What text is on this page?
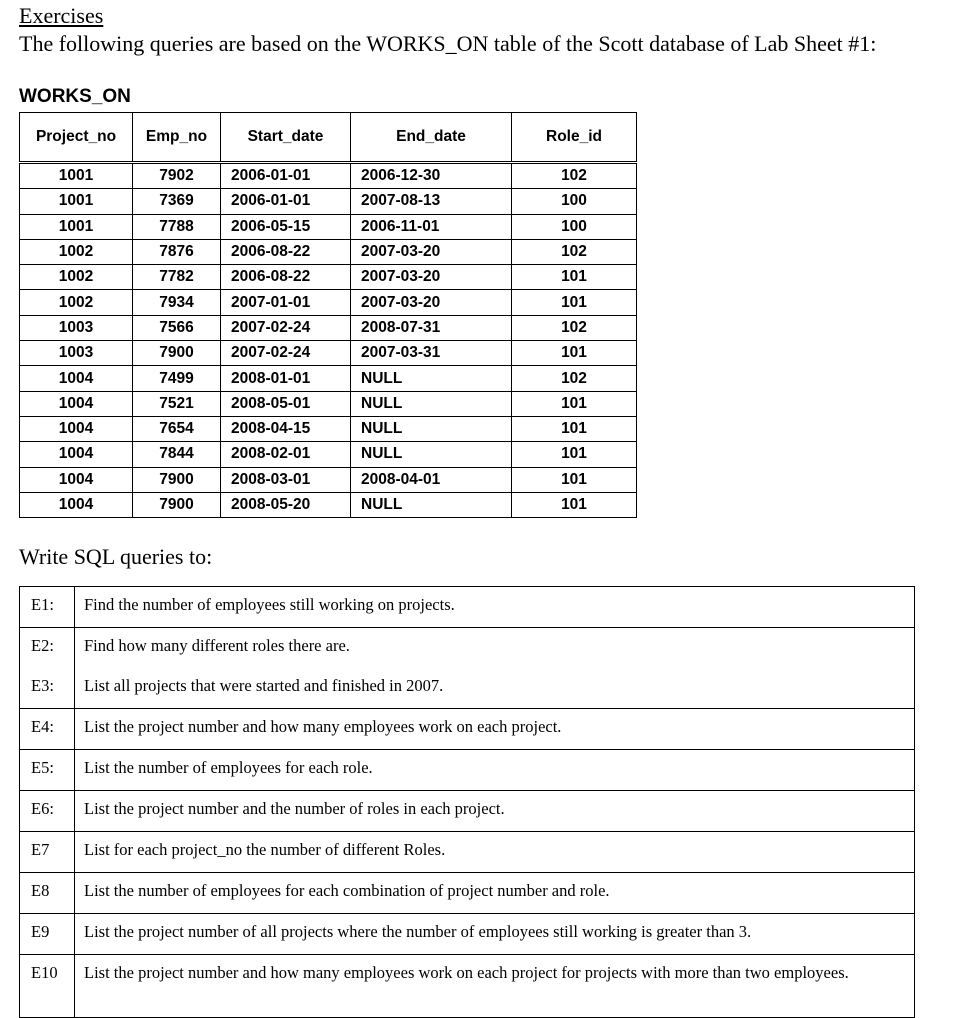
Exercises
The following queries are based on the WORKS_ON table of the Scott database of Lab Sheet #1:
WORKS_ON
Project_no	Emp_no	Start_date	End_date	Role_id
1001	7902	2006-01-01	2006-12-30	102
1001	7369	2006-01-01	2007-08-13	100
1001	7788	2006-05-15	2006-11-01	100
1002	7876	2006-08-22	2007-03-20	102
1002	7782	2006-08-22	2007-03-20	101
1002	7934	2007-01-01	2007-03-20	101
1003	7566	2007-02-24	2008-07-31	102
1003	7900	2007-02-24	2007-03-31	101
1004	7499	2008-01-01	NULL	102
1004	7521	2008-05-01	NULL	101
1004	7654	2008-04-15	NULL	101
1004	7844	2008-02-01	NULL	101
1004	7900	2008-03-01	2008-04-01	101
1004	7900	2008-05-20	NULL	101
Write SQL queries to:
E1:	Find the number of employees still working on projects.
E2:	Find how many different roles there are.
E3:	List all projects that were started and finished in 2007.
E4:	List the project number and how many employees work on each project.
E5:	List the number of employees for each role.
E6:	List the project number and the number of roles in each project.
E7	List for each project_no the number of different Roles.
E8	List the number of employees for each combination of project number and role.
E9	List the project number of all projects where the number of employees still working is greater than 3.
E10	List the project number and how many employees work on each project for projects with more than two employees.
